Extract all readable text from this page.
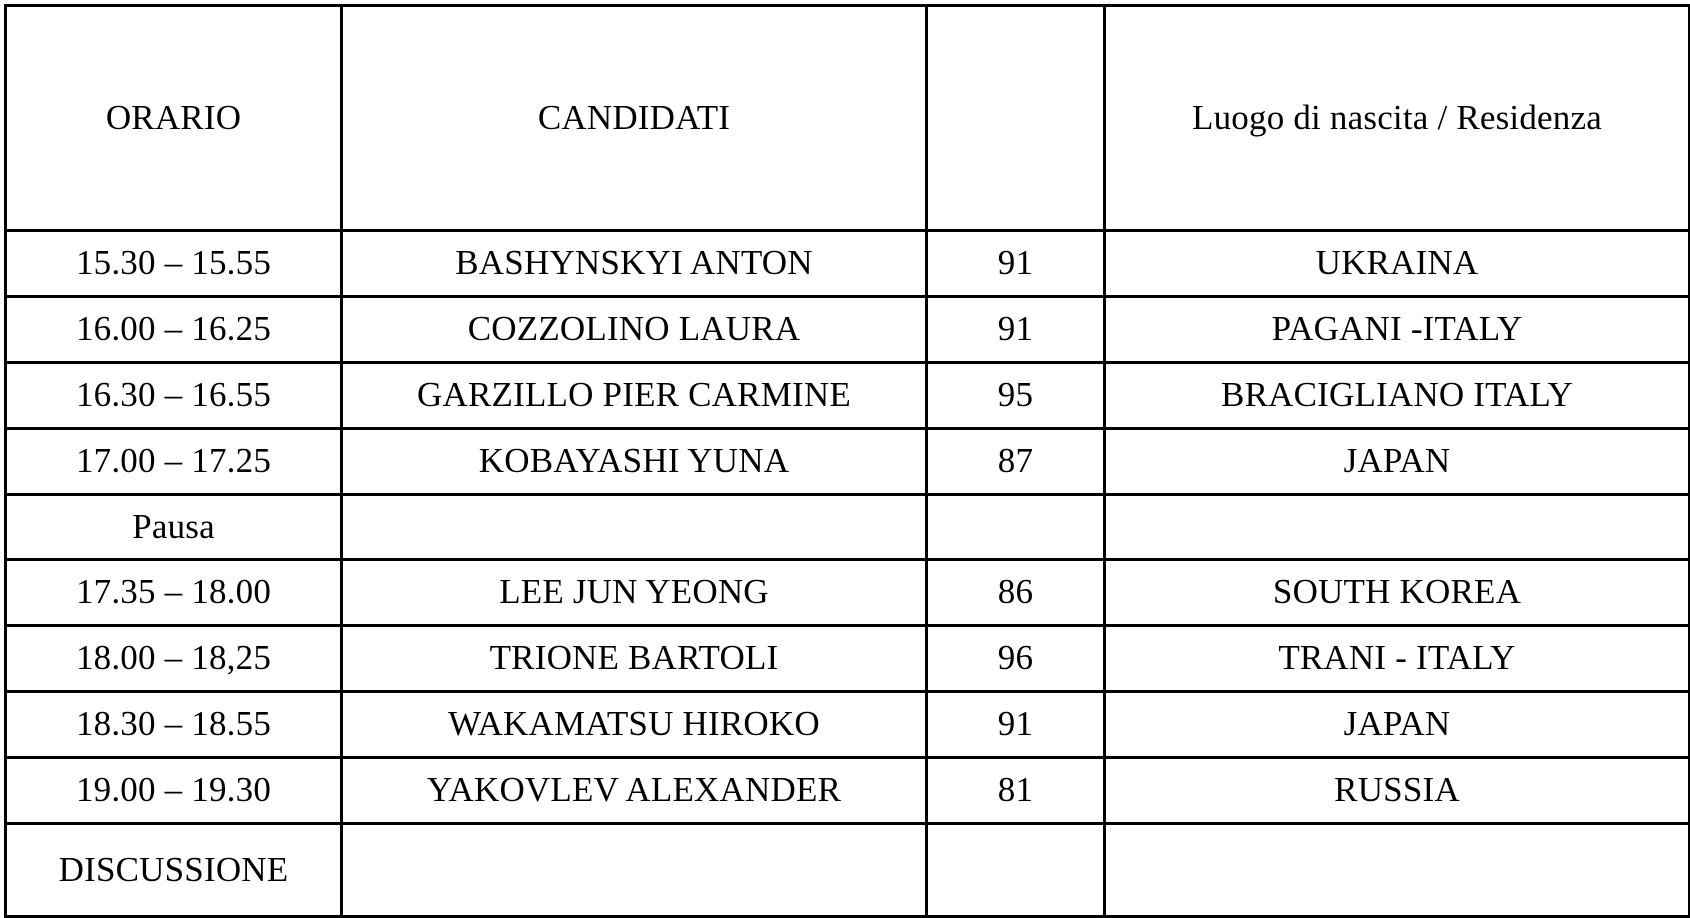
ORARIO	CANDIDATI		Luogo di nascita / Residenza
15.30 – 15.55	BASHYNSKYI ANTON	91	UKRAINA
16.00 – 16.25	COZZOLINO LAURA	91	PAGANI -ITALY
16.30 – 16.55	GARZILLO PIER CARMINE	95	BRACIGLIANO ITALY
17.00 – 17.25	KOBAYASHI YUNA	87	JAPAN
Pausa			
17.35 – 18.00	LEE JUN YEONG	86	SOUTH KOREA
18.00 – 18,25	TRIONE BARTOLI	96	TRANI - ITALY
18.30 – 18.55	WAKAMATSU HIROKO	91	JAPAN
19.00 – 19.30	YAKOVLEV ALEXANDER	81	RUSSIA
DISCUSSIONE			
